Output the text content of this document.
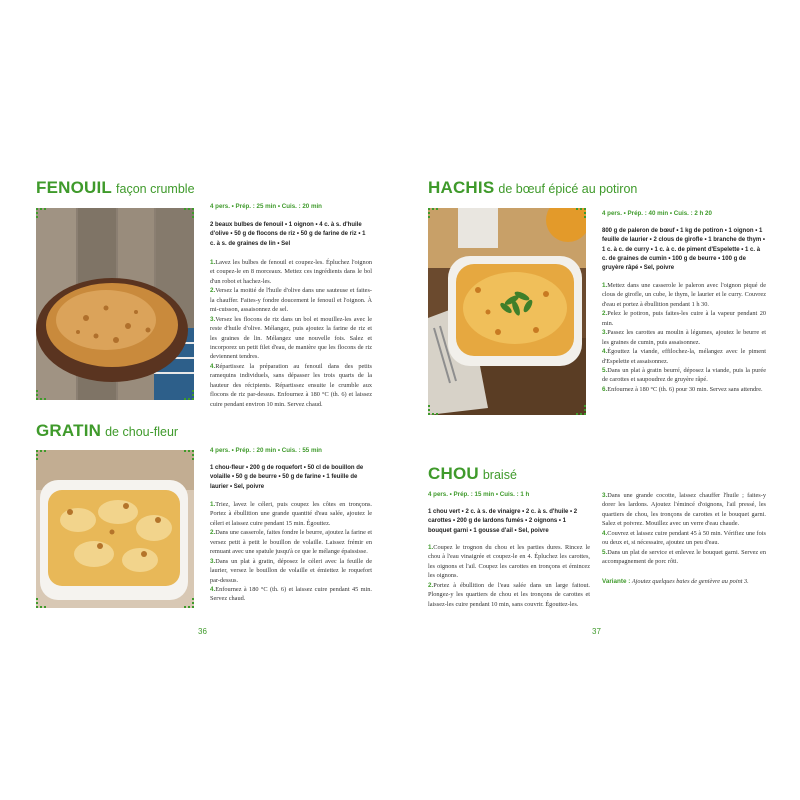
FENOUIL façon crumble
4 pers. • Prép. : 25 min • Cuis. : 20 min
2 beaux bulbes de fenouil • 1 oignon • 4 c. à s. d'huile d'olive • 50 g de flocons de riz • 50 g de farine de riz • 1 c. à s. de graines de lin • Sel

1.Lavez les bulbes de fenouil et coupez-les. Épluchez l'oignon et coupez-le en 8 morceaux. Mettez ces ingrédients dans le bol d'un robot et hachez-les.

2.Versez la moitié de l'huile d'olive dans une sauteuse et faites-la chauffer. Faites-y fondre doucement le fenouil et l'oignon. À mi-cuisson, assaisonnez de sel.

3.Versez les flocons de riz dans un bol et mouillez-les avec le reste d'huile d'olive. Mélangez, puis ajoutez la farine de riz et les graines de lin. Mélangez une nouvelle fois. Salez et incorporez un petit filet d'eau, de manière que les flocons de riz deviennent tendres.

4.Répartissez la préparation au fenouil dans des petits ramequins individuels, sans dépasser les trois quarts de la hauteur des récipients. Répartissez ensuite le crumble aux flocons de riz par-dessus. Enfournez à 180 °C (th. 6) et laissez cuire pendant environ 10 min. Servez chaud.

GRATIN de chou-fleur
4 pers. • Prép. : 20 min • Cuis. : 55 min
1 chou-fleur • 200 g de roquefort • 50 cl de bouillon de volaille • 50 g de beurre • 50 g de farine • 1 feuille de laurier • Sel, poivre

1.Triez, lavez le céleri, puis coupez les côtes en tronçons. Portez à ébullition une grande quantité d'eau salée, ajoutez le céleri et laissez cuire pendant 15 min. Égouttez.

2.Dans une casserole, faites fondre le beurre, ajoutez la farine et versez petit à petit le bouillon de volaille. Laissez frémir en remuant avec une spatule jusqu'à ce que le mélange épaississe.

3.Dans un plat à gratin, déposez le céleri avec la feuille de laurier, versez le bouillon de volaille et émiettez le roquefort par-dessus.

4.Enfournez à 180 °C (th. 6) et laissez cuire pendant 45 min. Servez chaud.

36
HACHIS de bœuf épicé au potiron
4 pers. • Prép. : 40 min • Cuis. : 2 h 20
800 g de paleron de bœuf • 1 kg de potiron • 1 oignon • 1 feuille de laurier • 2 clous de girofle • 1 branche de thym • 1 c. à c. de curry • 1 c. à c. de piment d'Espelette • 1 c. à c. de graines de cumin • 100 g de beurre • 100 g de gruyère râpé • Sel, poivre

1.Mettez dans une casserole le paleron avec l'oignon piqué de clous de girofle, un cube, le thym, le laurier et le curry. Couvrez d'eau et portez à ébullition pendant 1 h 30.

2.Pelez le potiron, puis faites-les cuire à la vapeur pendant 20 min.

3.Passez les carottes au moulin à légumes, ajoutez le beurre et les graines de cumin, puis assaisonnez.

4.Égouttez la viande, effilochez-la, mélangez avec le piment d'Espelette et assaisonnez.

5.Dans un plat à gratin beurré, déposez la viande, puis la purée de carottes et saupoudrez de gruyère râpé.

6.Enfournez à 180 °C (th. 6) pour 30 min. Servez sans attendre.

CHOU braisé
4 pers. • Prép. : 15 min • Cuis. : 1 h
1 chou vert • 2 c. à s. de vinaigre • 2 c. à s. d'huile • 2 carottes • 200 g de lardons fumés • 2 oignons • 1 bouquet garni • 1 gousse d'ail • Sel, poivre

1.Coupez le trognon du chou et les parties dures. Rincez le chou à l'eau vinaigrée et coupez-le en 4. Épluchez les carottes, les oignons et l'ail. Coupez les carottes en tronçons et émincez les oignons.

2.Portez à ébullition de l'eau salée dans un large faitout. Plongez-y les quartiers de chou et les tronçons de carottes et laissez-les cuire pendant 10 min, sans couvrir. Égouttez-les.

3.Dans une grande cocotte, laissez chauffer l'huile ; faites-y dorer les lardons. Ajoutez l'émincé d'oignons, l'ail pressé, les quartiers de chou, les tronçons de carottes et le bouquet garni. Salez et poivrez. Mouillez avec un verre d'eau chaude.

4.Couvrez et laissez cuire pendant 45 à 50 min. Vérifiez une fois ou deux et, si nécessaire, ajoutez un peu d'eau.

5.Dans un plat de service et enlevez le bouquet garni. Servez en accompagnement de porc rôti.

Variante : Ajoutez quelques baies de genièvre au point 3.
37
